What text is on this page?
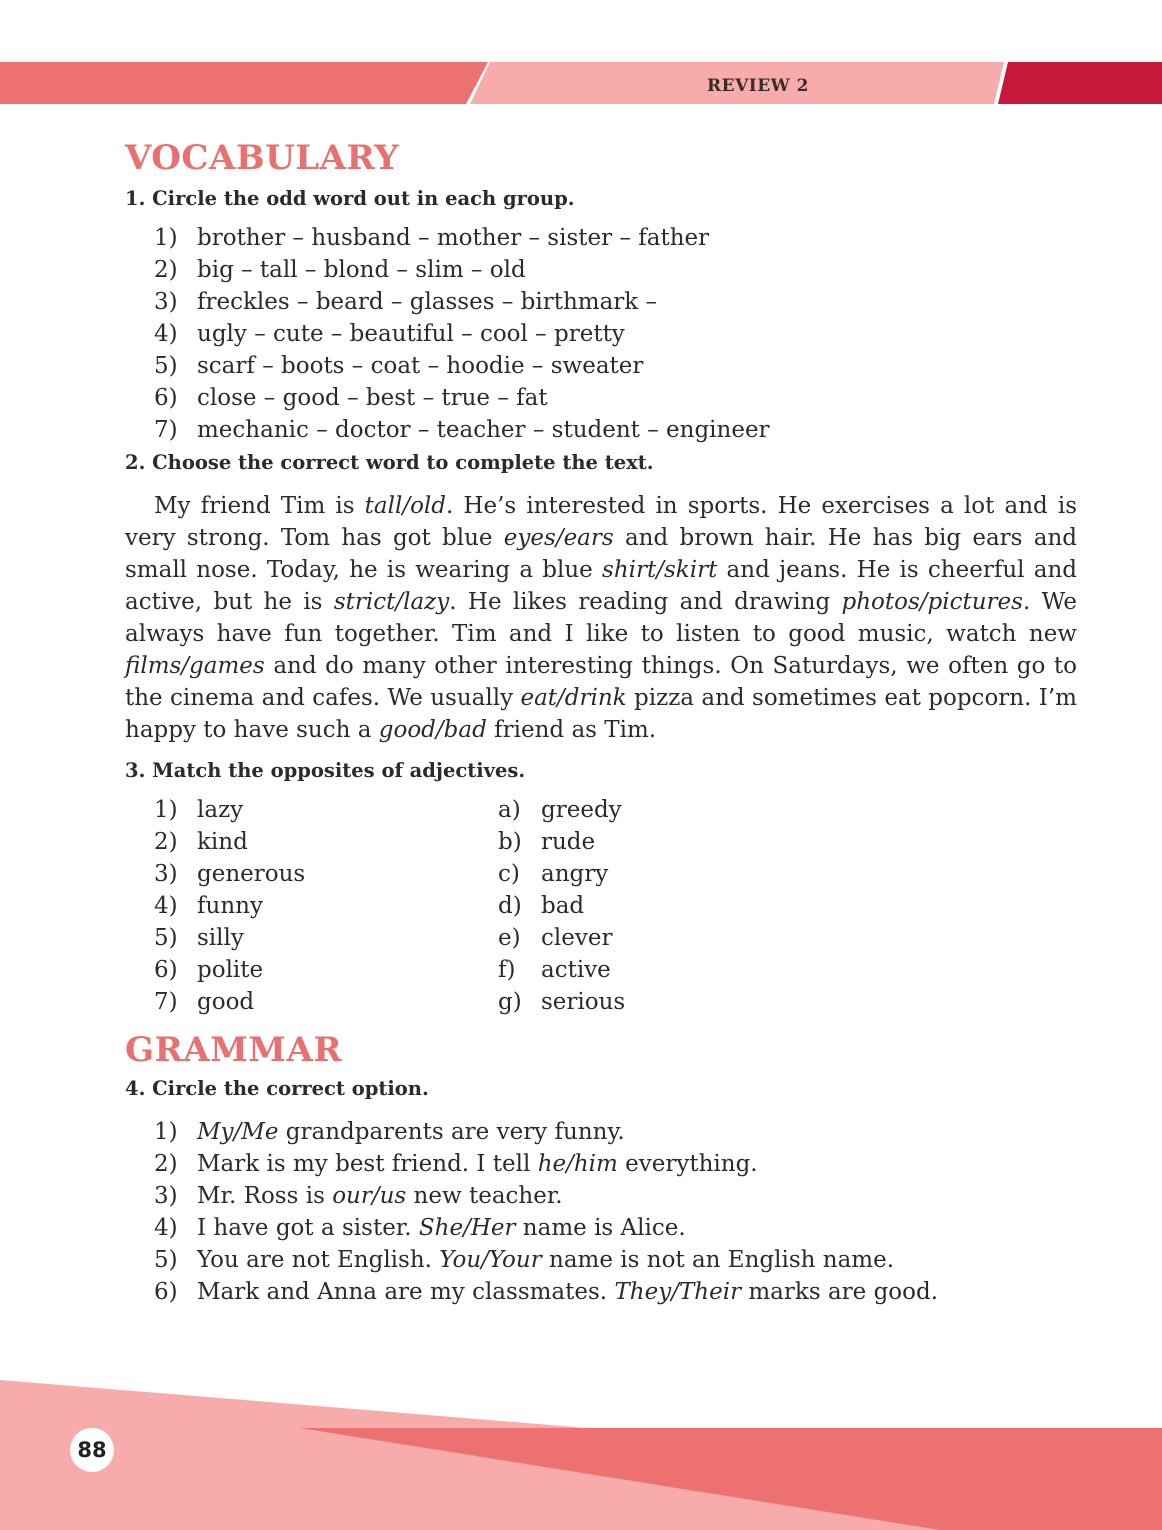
REVIEW 2
VOCABULARY

1. Circle the odd word out in each group.

1) brother – husband – mother – sister – father
2) big – tall – blond – slim – old
3) freckles – beard – glasses – birthmark –
4) ugly – cute – beautiful – cool – pretty
5) scarf – boots – coat – hoodie – sweater
6) close – good – best – true – fat
7) mechanic – doctor – teacher – student – engineer

2. Choose the correct word to complete the text.

My friend Tim is tall/old. He’s interested in sports. He exercises a lot and is very strong. Tom has got blue eyes/ears and brown hair. He has big ears and small nose. Today, he is wearing a blue shirt/skirt and jeans. He is cheerful and active, but he is strict/lazy. He likes reading and drawing photos/pictures. We always have fun together. Tim and I like to listen to good music, watch new films/games and do many other interesting things. On Saturdays, we often go to the cinema and cafes. We usually eat/drink pizza and sometimes eat popcorn. I’m happy to have such a good/bad friend as Tim.

3. Match the opposites of adjectives.

1) lazy
2) kind
3) generous
4) funny
5) silly
6) polite
7) good
a) greedy
b) rude
c) angry
d) bad
e) clever
f)	active
g) serious
GRAMMAR

4. Circle the correct option.

1) My/Me grandparents are very funny.
2) Mark is my best friend. I tell he/him everything.
3) Mr. Ross is our/us new teacher.
4) I have got a sister. She/Her name is Alice.
5) You are not English. You/Your name is not an English name.
6) Mark and Anna are my classmates. They/Their marks are good.
88
